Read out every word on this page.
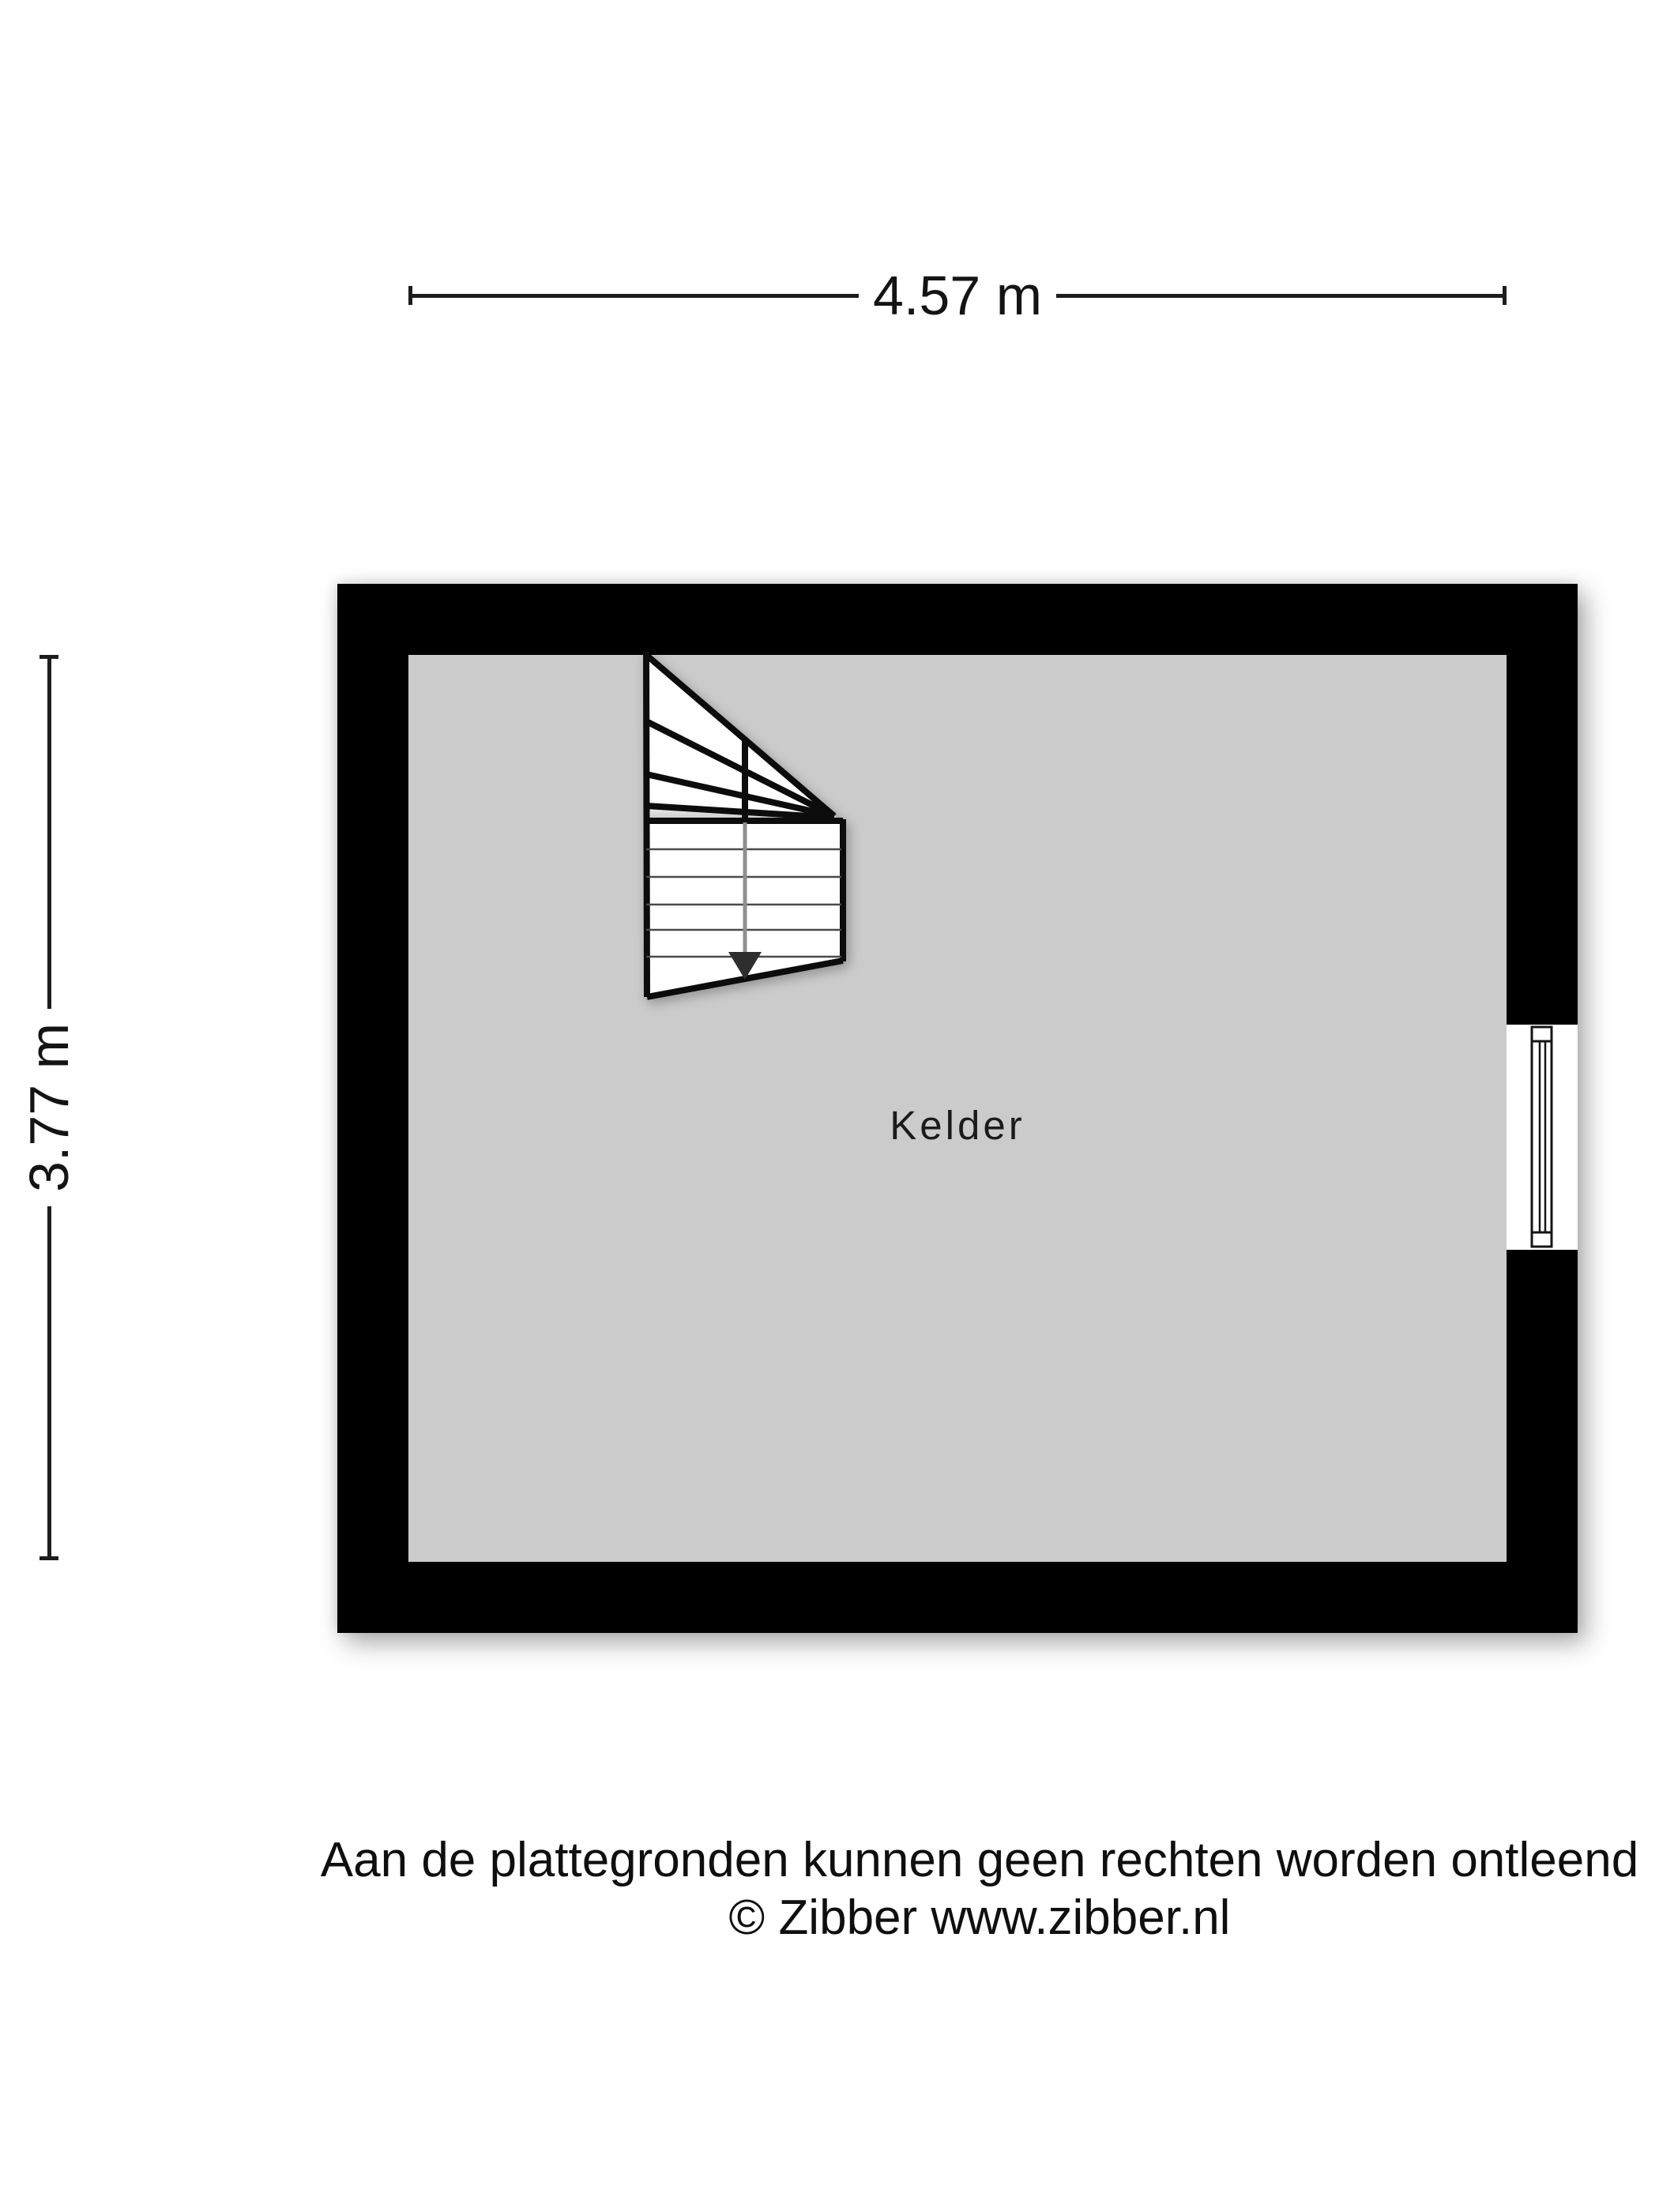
4.57 m
3.77 m	Kelder
Aan de plattegronden kunnen geen rechten worden ontleend
© Zibber www.zibber.nl
